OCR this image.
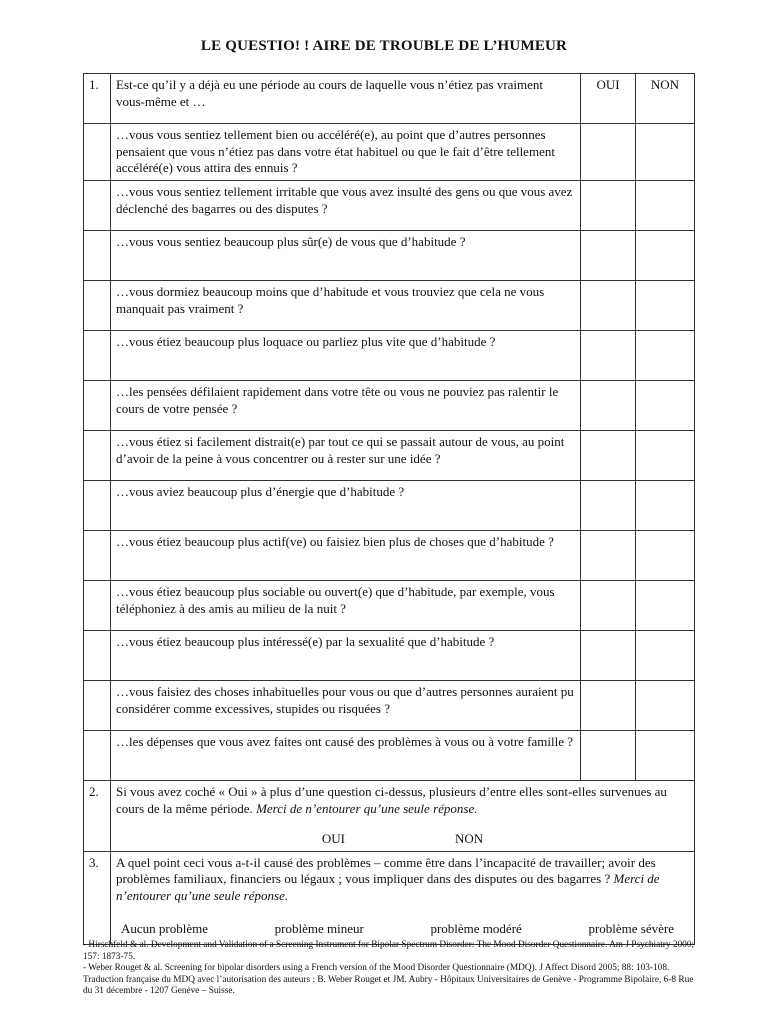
LE QUESTIO! ! AIRE DE TROUBLE DE L’HUMEUR
1.	Est-ce qu’il y a déjà eu une période au cours de laquelle vous n’étiez pas vraiment vous-même et …	OUI	NON
	…vous vous sentiez tellement bien ou accéléré(e), au point que d’autres personnes pensaient que vous n’étiez pas dans votre état habituel ou que le fait d’être tellement accéléré(e) vous attira des ennuis ?		
	…vous vous sentiez tellement irritable que vous avez insulté des gens ou que vous avez déclenché des bagarres ou des disputes ?		
	…vous vous sentiez beaucoup plus sûr(e) de vous que d’habitude ?		
	…vous dormiez beaucoup moins que d’habitude et vous trouviez que cela ne vous manquait pas vraiment ?		
	…vous étiez beaucoup plus loquace ou parliez plus vite que d’habitude ?		
	…les pensées défilaient rapidement dans votre tête ou vous ne pouviez pas ralentir le cours de votre pensée ?		
	…vous étiez si facilement distrait(e) par tout ce qui se passait autour de vous, au point d’avoir de la peine à vous concentrer ou à rester sur une idée ?		
	…vous aviez beaucoup plus d’énergie que d’habitude ?		
	…vous étiez beaucoup plus actif(ve) ou faisiez bien plus de choses que d’habitude ?		
	…vous étiez beaucoup plus sociable ou ouvert(e) que d’habitude, par exemple, vous téléphoniez à des amis au milieu de la nuit ?		
	…vous étiez beaucoup plus intéressé(e) par la sexualité que d’habitude ?		
	…vous faisiez des choses inhabituelles pour vous ou que d’autres personnes auraient pu considérer comme excessives, stupides ou risquées ?		
	…les dépenses que vous avez faites ont causé des problèmes à vous ou à votre famille ?		
2.	Si vous avez coché « Oui » à plus d’une question ci-dessus, plusieurs d’entre elles sont-elles survenues au cours de la même période. Merci de n’entourer qu’une seule réponse.
OUI NON		

3.	A quel point ceci vous a-t-il causé des problèmes – comme être dans l’incapacité de travailler; avoir des problèmes familiaux, financiers ou légaux ; vous impliquer dans des disputes ou des bagarres ? Merci de n’entourer qu’une seule réponse.
Aucun problème problème mineur problème modéré problème sévère		
- Hirschfeld & al. Development and Validation of a Screening Instrument for Bipolar Spectrum Disorder: The Mood Disorder Questionnaire. Am J Psychiatry 2000; 157: 1873-75.
- Weber Rouget & al. Screening for bipolar disorders using a French version of the Mood Disorder Questionnaire (MDQ). J Affect Disord 2005; 88: 103-108.
Traduction française du MDQ avec l’autorisation des auteurs : B. Weber Rouget et JM. Aubry - Hôpitaux Universitaires de Genève - Programme Bipolaire, 6-8 Rue du 31 décembre - 1207 Genève – Suisse.
